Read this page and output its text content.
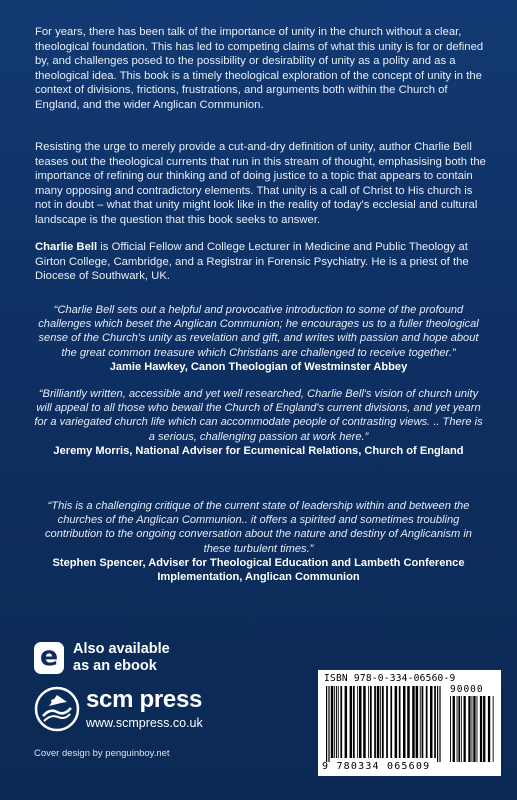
For years, there has been talk of the importance of unity in the church without a clear, theological foundation. This has led to competing claims of what this unity is for or defined by, and challenges posed to the possibility or desirability of unity as a polity and as a theological idea. This book is a timely theological exploration of the concept of unity in the context of divisions, frictions, frustrations, and arguments both within the Church of England, and the wider Anglican Communion.

Resisting the urge to merely provide a cut-and-dry definition of unity, author Charlie Bell teases out the theological currents that run in this stream of thought, emphasising both the importance of refining our thinking and of doing justice to a topic that appears to contain many opposing and contradictory elements. That unity is a call of Christ to His church is not in doubt – what that unity might look like in the reality of today's ecclesial and cultural landscape is the question that this book seeks to answer.

Charlie Bell is Official Fellow and College Lecturer in Medicine and Public Theology at Girton College, Cambridge, and a Registrar in Forensic Psychiatry. He is a priest of the Diocese of Southwark, UK.

“Charlie Bell sets out a helpful and provocative introduction to some of the profound challenges which beset the Anglican Communion; he encourages us to a fuller theological sense of the Church's unity as revelation and gift, and writes with passion and hope about the great common treasure which Christians are challenged to receive together.”
Jamie Hawkey, Canon Theologian of Westminster Abbey
“Brilliantly written, accessible and yet well researched, Charlie Bell's vision of church unity will appeal to all those who bewail the Church of England's current divisions, and yet yearn for a variegated church life which can accommodate people of contrasting views. .. There is a serious, challenging passion at work here.”
Jeremy Morris, National Adviser for Ecumenical Relations, Church of England
“This is a challenging critique of the current state of leadership within and between the churches of the Anglican Communion.. it offers a spirited and sometimes troubling contribution to the ongoing conversation about the nature and destiny of Anglicanism in these turbulent times.”
Stephen Spencer, Adviser for Theological Education and Lambeth Conference Implementation, Anglican Communion
e	Also available
as an ebook
scm press
www.scmpress.co.uk
Cover design by penguinboy.net
ISBN 978-0-334-06560-9
9 780334 065609
90000
